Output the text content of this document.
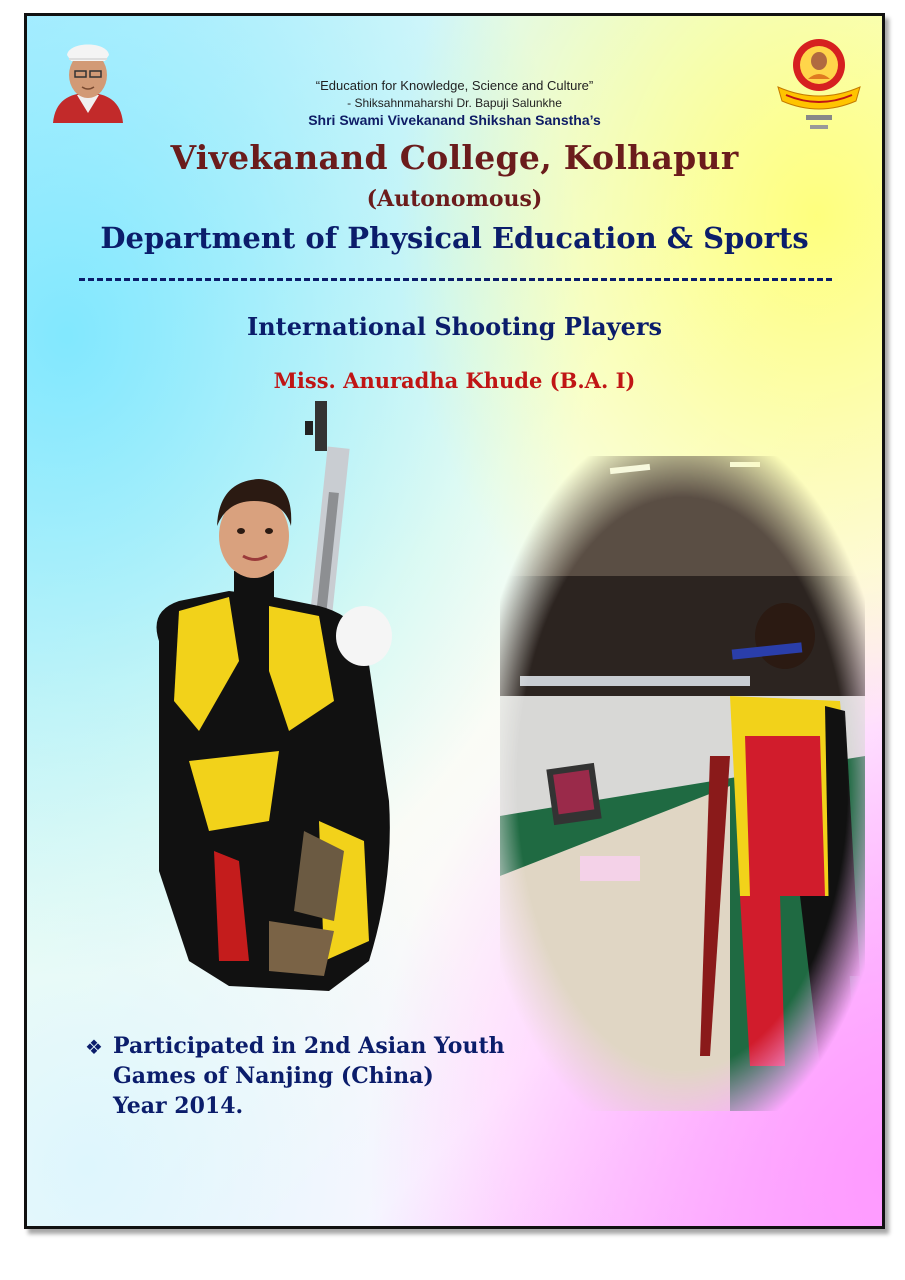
“Education for Knowledge, Science and Culture”
- Shiksahnmaharshi Dr. Bapuji Salunkhe
Shri Swami Vivekanand Shikshan Sanstha’s
Vivekanand College, Kolhapur
(Autonomous)
Department of Physical Education & Sports
International Shooting Players
Miss. Anuradha Khude (B.A. I)
❖ Participated in 2nd Asian Youth
Games of Nanjing (China)
Year 2014.
